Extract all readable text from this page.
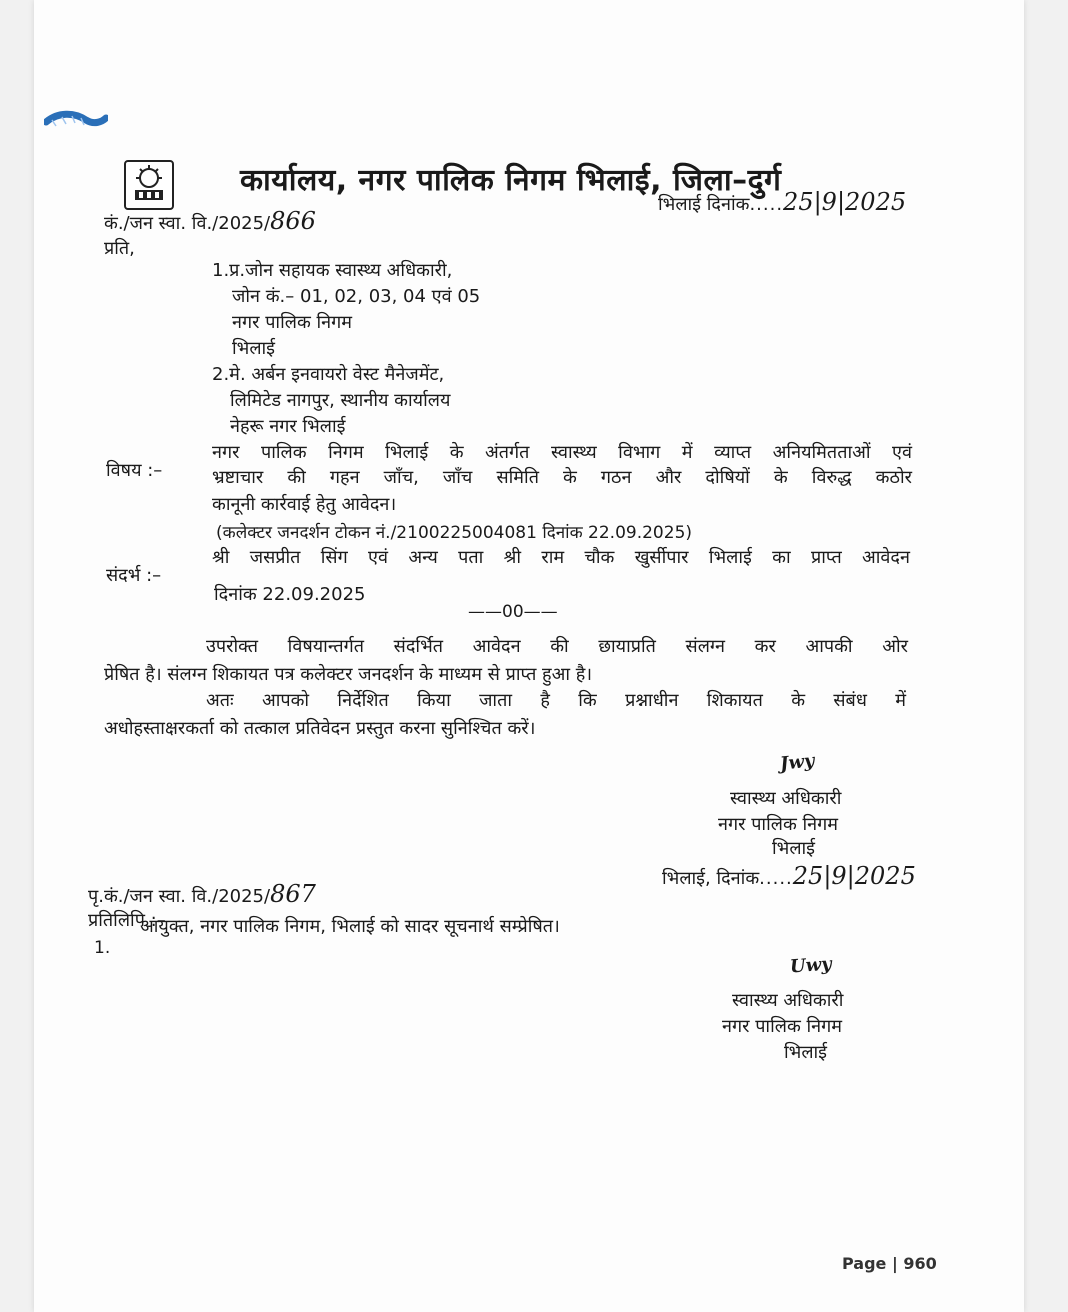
कार्यालय, नगर पालिक निगम भिलाई, जिला–दुर्ग
कं./जन स्वा. वि./2025/866
भिलाई दिनांक.....25|9|2025
प्रति,
1.प्र.जोन सहायक स्वास्थ्य अधिकारी,
जोन कं.– 01, 02, 03, 04 एवं 05
नगर पालिक निगम
भिलाई
2.मे. अर्बन इनवायरो वेस्ट मैनेजमेंट,
लिमिटेड नागपुर, स्थानीय कार्यालय
नेहरू नगर भिलाई
विषय :–
नगर पालिक निगम भिलाई के अंतर्गत स्वास्थ्य विभाग में व्याप्त अनियमितताओं एवं
भ्रष्टाचार की गहन जाँच, जाँच समिति के गठन और दोषियों के विरुद्ध कठोर
कानूनी कार्रवाई हेतु आवेदन।
(कलेक्टर जनदर्शन टोकन नं./2100225004081 दिनांक 22.09.2025)
संदर्भ :–
श्री जसप्रीत सिंग एवं अन्य पता श्री राम चौक खुर्सीपार भिलाई का प्राप्त आवेदन
दिनांक 22.09.2025
——00——
उपरोक्त विषयान्तर्गत संदर्भित आवेदन की छायाप्रति संलग्न कर आपकी ओर
प्रेषित है। संलग्न शिकायत पत्र कलेक्टर जनदर्शन के माध्यम से प्राप्त हुआ है।
अतः आपको निर्देशित किया जाता है कि प्रश्नाधीन शिकायत के संबंध में
अधोहस्ताक्षरकर्ता को तत्काल प्रतिवेदन प्रस्तुत करना सुनिश्चित करें।
Jwy
स्वास्थ्य अधिकारी
नगर पालिक निगम
भिलाई
भिलाई, दिनांक.....25|9|2025
पृ.कं./जन स्वा. वि./2025/867
प्रतिलिपि :–
1.
आयुक्त, नगर पालिक निगम, भिलाई को सादर सूचनार्थ सम्प्रेषित।
Uwy
स्वास्थ्य अधिकारी
नगर पालिक निगम
भिलाई
Page | 960
